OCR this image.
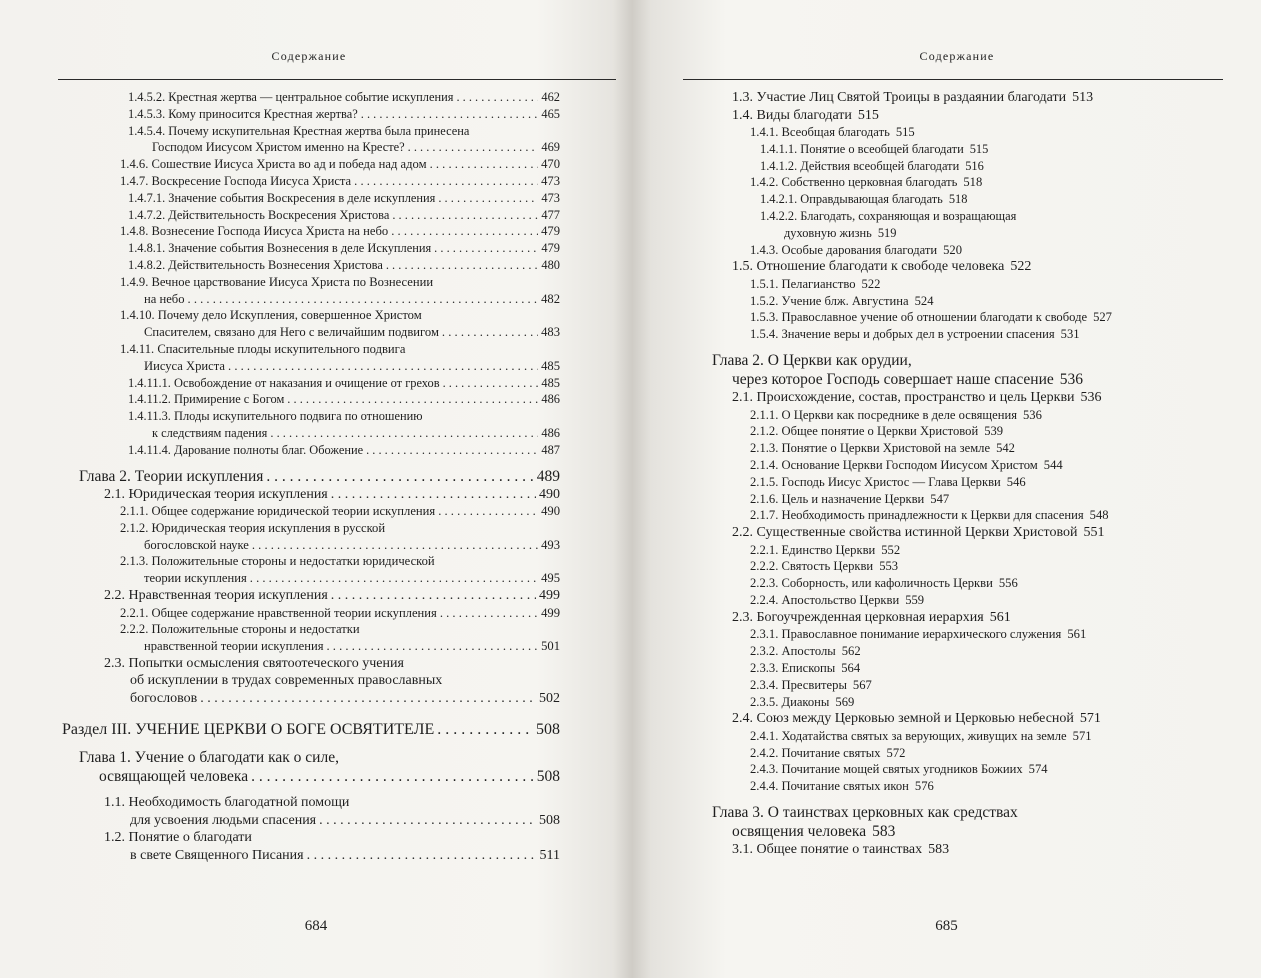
Содержание
1.4.5.2. Крестная жертва — центральное событие искупления . . .	462
1.4.5.3. Кому приносится Крестная жертва? . . .	465
1.4.5.4. Почему искупительная Крестная жертва была принесена
Господом Иисусом Христом именно на Кресте? . . .	469
1.4.6. Сошествие Иисуса Христа во ад и победа над адом . . .	470
1.4.7. Воскресение Господа Иисуса Христа . . .	473
1.4.7.1. Значение события Воскресения в деле искупления . . .	473
1.4.7.2. Действительность Воскресения Христова . . .	477
1.4.8. Вознесение Господа Иисуса Христа на небо . . .	479
1.4.8.1. Значение события Вознесения в деле Искупления . . .	479
1.4.8.2. Действительность Вознесения Христова . . .	480
1.4.9. Вечное царствование Иисуса Христа по Вознесении
на небо . . .	482
1.4.10. Почему дело Искупления, совершенное Христом
Спасителем, связано для Него с величайшим подвигом . . .	483
1.4.11. Спасительные плоды искупительного подвига
Иисуса Христа . . .	485
1.4.11.1. Освобождение от наказания и очищение от грехов . . .	485
1.4.11.2. Примирение с Богом . . .	486
1.4.11.3. Плоды искупительного подвига по отношению
к следствиям падения . . .	486
1.4.11.4. Дарование полноты благ. Обожение . . .	487
Глава 2. Теории искупления . . .	489
2.1. Юридическая теория искупления . . .	490
2.1.1. Общее содержание юридической теории искупления . . .	490
2.1.2. Юридическая теория искупления в русской
богословской науке . . .	493
2.1.3. Положительные стороны и недостатки юридической
теории искупления . . .	495
2.2. Нравственная теория искупления . . .	499
2.2.1. Общее содержание нравственной теории искупления . . .	499
2.2.2. Положительные стороны и недостатки
нравственной теории искупления . . .	501
2.3. Попытки осмысления святоотеческого учения
об искуплении в трудах современных православных
богословов . . .	502
Раздел III. УЧЕНИЕ ЦЕРКВИ О БОГЕ ОСВЯТИТЕЛЕ . . .	508
Глава 1. Учение о благодати как о силе,
освящающей человека . . .	508
1.1. Необходимость благодатной помощи
для усвоения людьми спасения . . .	508
1.2. Понятие о благодати
в свете Священного Писания . . .	511
684
Содержание
1.3. Участие Лиц Святой Троицы в раздаянии благодати 513
1.4. Виды благодати 515
1.4.1. Всеобщая благодать 515
1.4.1.1. Понятие о всеобщей благодати 515
1.4.1.2. Действия всеобщей благодати 516
1.4.2. Собственно церковная благодать 518
1.4.2.1. Оправдывающая благодать 518
1.4.2.2. Благодать, сохраняющая и возращающая
духовную жизнь 519
1.4.3. Особые дарования благодати 520
1.5. Отношение благодати к свободе человека 522
1.5.1. Пелагианство 522
1.5.2. Учение блж. Августина 524
1.5.3. Православное учение об отношении благодати к свободе 527
1.5.4. Значение веры и добрых дел в устроении спасения 531
Глава 2. О Церкви как орудии,
через которое Господь совершает наше спасение 536
2.1. Происхождение, состав, пространство и цель Церкви 536
2.1.1. О Церкви как посреднике в деле освящения 536
2.1.2. Общее понятие о Церкви Христовой 539
2.1.3. Понятие о Церкви Христовой на земле 542
2.1.4. Основание Церкви Господом Иисусом Христом 544
2.1.5. Господь Иисус Христос — Глава Церкви 546
2.1.6. Цель и назначение Церкви 547
2.1.7. Необходимость принадлежности к Церкви для спасения 548
2.2. Существенные свойства истинной Церкви Христовой 551
2.2.1. Единство Церкви 552
2.2.2. Святость Церкви 553
2.2.3. Соборность, или кафоличность Церкви 556
2.2.4. Апостольство Церкви 559
2.3. Богоучрежденная церковная иерархия 561
2.3.1. Православное понимание иерархического служения 561
2.3.2. Апостолы 562
2.3.3. Епископы 564
2.3.4. Пресвитеры 567
2.3.5. Диаконы 569
2.4. Союз между Церковью земной и Церковью небесной 571
2.4.1. Ходатайства святых за верующих, живущих на земле 571
2.4.2. Почитание святых 572
2.4.3. Почитание мощей святых угодников Божиих 574
2.4.4. Почитание святых икон 576
Глава 3. О таинствах церковных как средствах
освящения человека 583
3.1. Общее понятие о таинствах 583
685
